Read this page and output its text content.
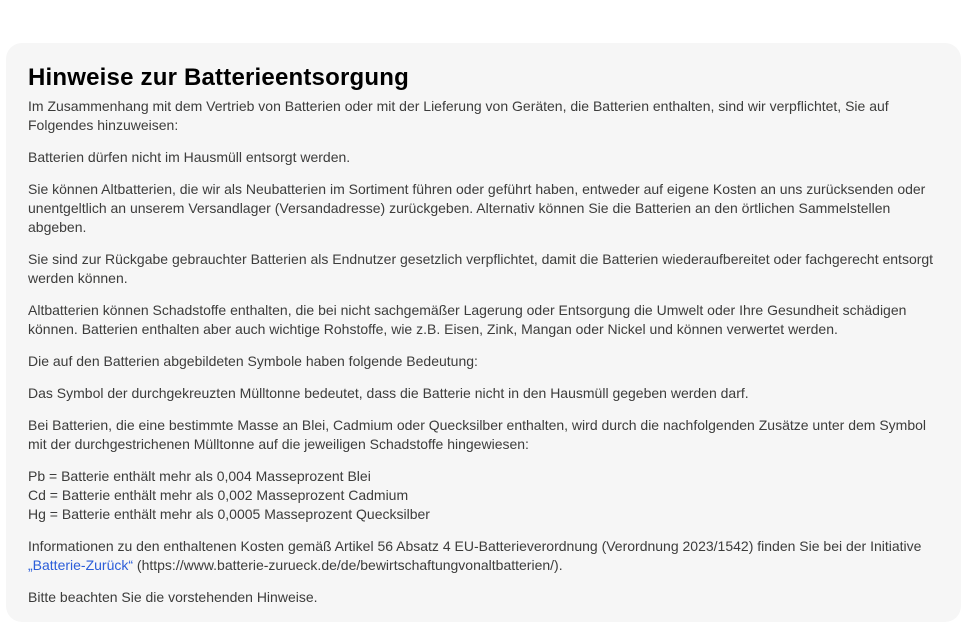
Hinweise zur Batterieentsorgung

Im Zusammenhang mit dem Vertrieb von Batterien oder mit der Lieferung von Geräten, die Batterien enthalten, sind wir verpflichtet, Sie auf Folgendes hinzuweisen:

Batterien dürfen nicht im Hausmüll entsorgt werden.

Sie können Altbatterien, die wir als Neubatterien im Sortiment führen oder geführt haben, entweder auf eigene Kosten an uns zurücksenden oder unentgeltlich an unserem Versandlager (Versandadresse) zurückgeben. Alternativ können Sie die Batterien an den örtlichen Sammelstellen abgeben.

Sie sind zur Rückgabe gebrauchter Batterien als Endnutzer gesetzlich verpflichtet, damit die Batterien wiederaufbereitet oder fachgerecht entsorgt werden können.

Altbatterien können Schadstoffe enthalten, die bei nicht sachgemäßer Lagerung oder Entsorgung die Umwelt oder Ihre Gesundheit schädigen können. Batterien enthalten aber auch wichtige Rohstoffe, wie z.B. Eisen, Zink, Mangan oder Nickel und können verwertet werden.

Die auf den Batterien abgebildeten Symbole haben folgende Bedeutung:

Das Symbol der durchgekreuzten Mülltonne bedeutet, dass die Batterie nicht in den Hausmüll gegeben werden darf.

Bei Batterien, die eine bestimmte Masse an Blei, Cadmium oder Quecksilber enthalten, wird durch die nachfolgenden Zusätze unter dem Symbol mit der durchgestrichenen Mülltonne auf die jeweiligen Schadstoffe hingewiesen:

Pb = Batterie enthält mehr als 0,004 Masseprozent Blei
Cd = Batterie enthält mehr als 0,002 Masseprozent Cadmium
Hg = Batterie enthält mehr als 0,0005 Masseprozent Quecksilber

Informationen zu den enthaltenen Kosten gemäß Artikel 56 Absatz 4 EU-Batterieverordnung (Verordnung 2023/1542) finden Sie bei der Initiative „Batterie-Zurück“ (https://www.batterie-zurueck.de/de/bewirtschaftungvonaltbatterien/).

Bitte beachten Sie die vorstehenden Hinweise.
